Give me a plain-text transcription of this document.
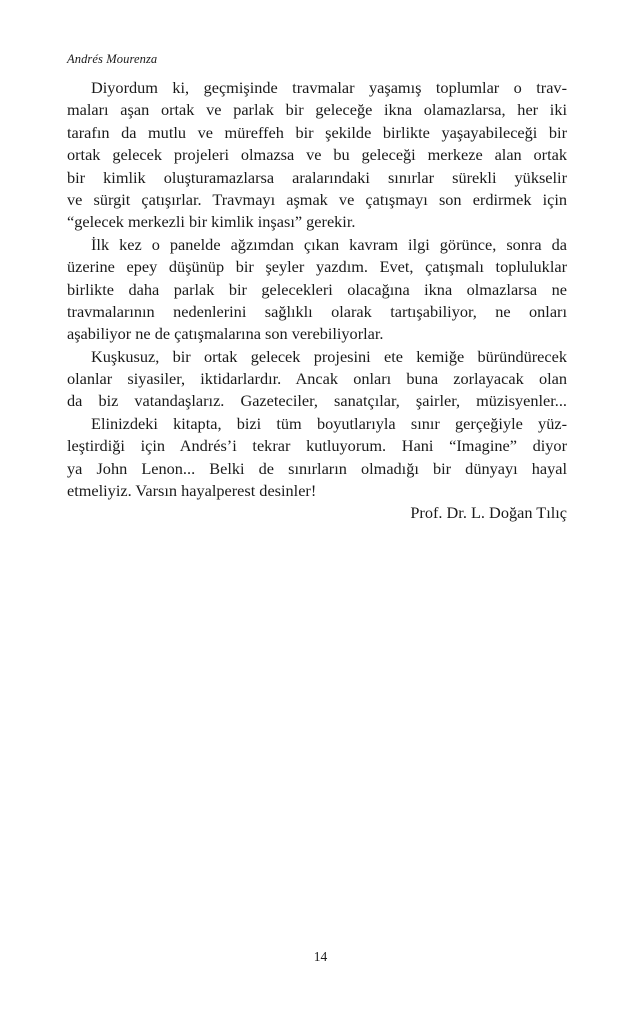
Andrés Mourenza
Diyordum ki, geçmişinde travmalar yaşamış toplumlar o trav-
maları aşan ortak ve parlak bir geleceğe ikna olamazlarsa, her iki
tarafın da mutlu ve müreffeh bir şekilde birlikte yaşayabileceği bir
ortak gelecek projeleri olmazsa ve bu geleceği merkeze alan ortak
bir kimlik oluşturamazlarsa aralarındaki sınırlar sürekli yükselir
ve sürgit çatışırlar. Travmayı aşmak ve çatışmayı son erdirmek için
“gelecek merkezli bir kimlik inşası” gerekir.
İlk kez o panelde ağzımdan çıkan kavram ilgi görünce, sonra da
üzerine epey düşünüp bir şeyler yazdım. Evet, çatışmalı topluluklar
birlikte daha parlak bir gelecekleri olacağına ikna olmazlarsa ne
travmalarının nedenlerini sağlıklı olarak tartışabiliyor, ne onları
aşabiliyor ne de çatışmalarına son verebiliyorlar.
Kuşkusuz, bir ortak gelecek projesini ete kemiğe büründürecek
olanlar siyasiler, iktidarlardır. Ancak onları buna zorlayacak olan
da biz vatandaşlarız. Gazeteciler, sanatçılar, şairler, müzisyenler...
Elinizdeki kitapta, bizi tüm boyutlarıyla sınır gerçeğiyle yüz-
leştirdiği için Andrés’i tekrar kutluyorum. Hani “Imagine” diyor
ya John Lenon... Belki de sınırların olmadığı bir dünyayı hayal
etmeliyiz. Varsın hayalperest desinler!
Prof. Dr. L. Doğan Tılıç
14
